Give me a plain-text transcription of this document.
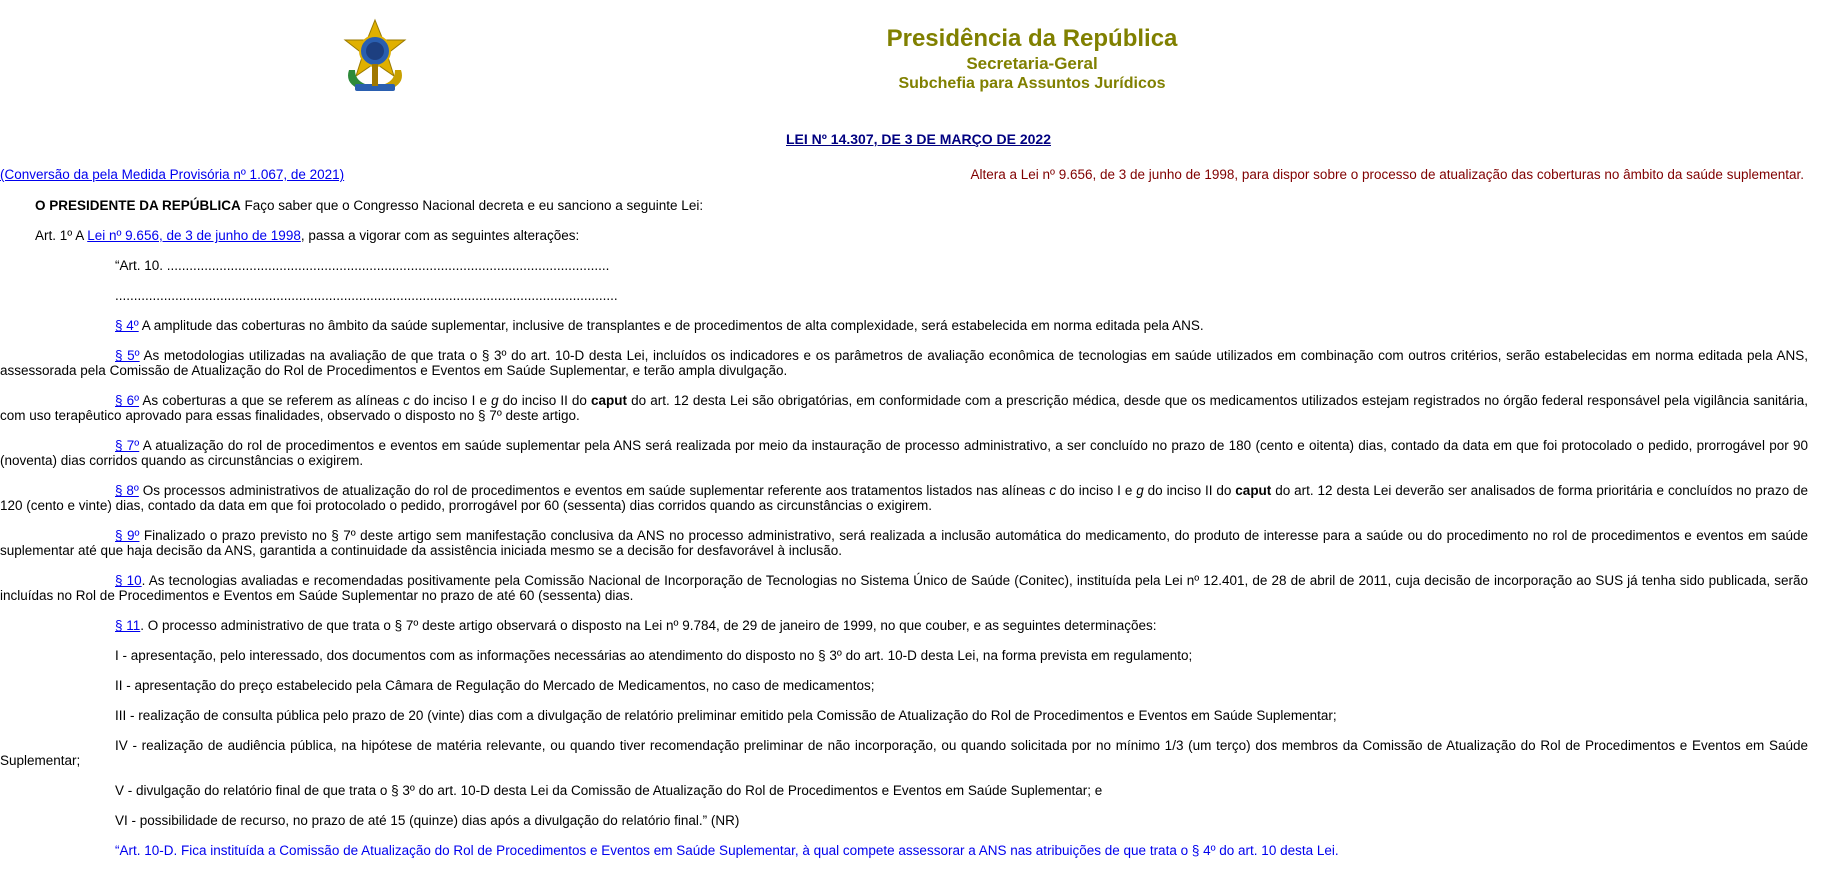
Presidência da República
Secretaria-Geral
Subchefia para Assuntos Jurídicos
LEI Nº 14.307, DE 3 DE MARÇO DE 2022
(Conversão da pela Medida Provisória nº 1.067, de 2021)	Altera a Lei nº 9.656, de 3 de junho de 1998, para dispor sobre o processo de atualização das coberturas no âmbito da saúde suplementar.

O PRESIDENTE DA REPÚBLICA Faço saber que o Congresso Nacional decreta e eu sanciono a seguinte Lei:

Art. 1º A Lei nº 9.656, de 3 de junho de 1998, passa a vigorar com as seguintes alterações:

“Art. 10. ......................................................................................................................

......................................................................................................................................

§ 4º A amplitude das coberturas no âmbito da saúde suplementar, inclusive de transplantes e de procedimentos de alta complexidade, será estabelecida em norma editada pela ANS.

§ 5º As metodologias utilizadas na avaliação de que trata o § 3º do art. 10-D desta Lei, incluídos os indicadores e os parâmetros de avaliação econômica de tecnologias em saúde utilizados em combinação com outros critérios, serão estabelecidas em norma editada pela ANS, assessorada pela Comissão de Atualização do Rol de Procedimentos e Eventos em Saúde Suplementar, e terão ampla divulgação.

§ 6º As coberturas a que se referem as alíneas c do inciso I e g do inciso II do caput do art. 12 desta Lei são obrigatórias, em conformidade com a prescrição médica, desde que os medicamentos utilizados estejam registrados no órgão federal responsável pela vigilância sanitária, com uso terapêutico aprovado para essas finalidades, observado o disposto no § 7º deste artigo.

§ 7º A atualização do rol de procedimentos e eventos em saúde suplementar pela ANS será realizada por meio da instauração de processo administrativo, a ser concluído no prazo de 180 (cento e oitenta) dias, contado da data em que foi protocolado o pedido, prorrogável por 90 (noventa) dias corridos quando as circunstâncias o exigirem.

§ 8º Os processos administrativos de atualização do rol de procedimentos e eventos em saúde suplementar referente aos tratamentos listados nas alíneas c do inciso I e g do inciso II do caput do art. 12 desta Lei deverão ser analisados de forma prioritária e concluídos no prazo de 120 (cento e vinte) dias, contado da data em que foi protocolado o pedido, prorrogável por 60 (sessenta) dias corridos quando as circunstâncias o exigirem.

§ 9º Finalizado o prazo previsto no § 7º deste artigo sem manifestação conclusiva da ANS no processo administrativo, será realizada a inclusão automática do medicamento, do produto de interesse para a saúde ou do procedimento no rol de procedimentos e eventos em saúde suplementar até que haja decisão da ANS, garantida a continuidade da assistência iniciada mesmo se a decisão for desfavorável à inclusão.

§ 10. As tecnologias avaliadas e recomendadas positivamente pela Comissão Nacional de Incorporação de Tecnologias no Sistema Único de Saúde (Conitec), instituída pela Lei nº 12.401, de 28 de abril de 2011, cuja decisão de incorporação ao SUS já tenha sido publicada, serão incluídas no Rol de Procedimentos e Eventos em Saúde Suplementar no prazo de até 60 (sessenta) dias.

§ 11. O processo administrativo de que trata o § 7º deste artigo observará o disposto na Lei nº 9.784, de 29 de janeiro de 1999, no que couber, e as seguintes determinações:

I - apresentação, pelo interessado, dos documentos com as informações necessárias ao atendimento do disposto no § 3º do art. 10-D desta Lei, na forma prevista em regulamento;

II - apresentação do preço estabelecido pela Câmara de Regulação do Mercado de Medicamentos, no caso de medicamentos;

III - realização de consulta pública pelo prazo de 20 (vinte) dias com a divulgação de relatório preliminar emitido pela Comissão de Atualização do Rol de Procedimentos e Eventos em Saúde Suplementar;

IV - realização de audiência pública, na hipótese de matéria relevante, ou quando tiver recomendação preliminar de não incorporação, ou quando solicitada por no mínimo 1/3 (um terço) dos membros da Comissão de Atualização do Rol de Procedimentos e Eventos em Saúde Suplementar;

V - divulgação do relatório final de que trata o § 3º do art. 10-D desta Lei da Comissão de Atualização do Rol de Procedimentos e Eventos em Saúde Suplementar; e

VI - possibilidade de recurso, no prazo de até 15 (quinze) dias após a divulgação do relatório final.” (NR)

“Art. 10-D. Fica instituída a Comissão de Atualização do Rol de Procedimentos e Eventos em Saúde Suplementar, à qual compete assessorar a ANS nas atribuições de que trata o § 4º do art. 10 desta Lei.
